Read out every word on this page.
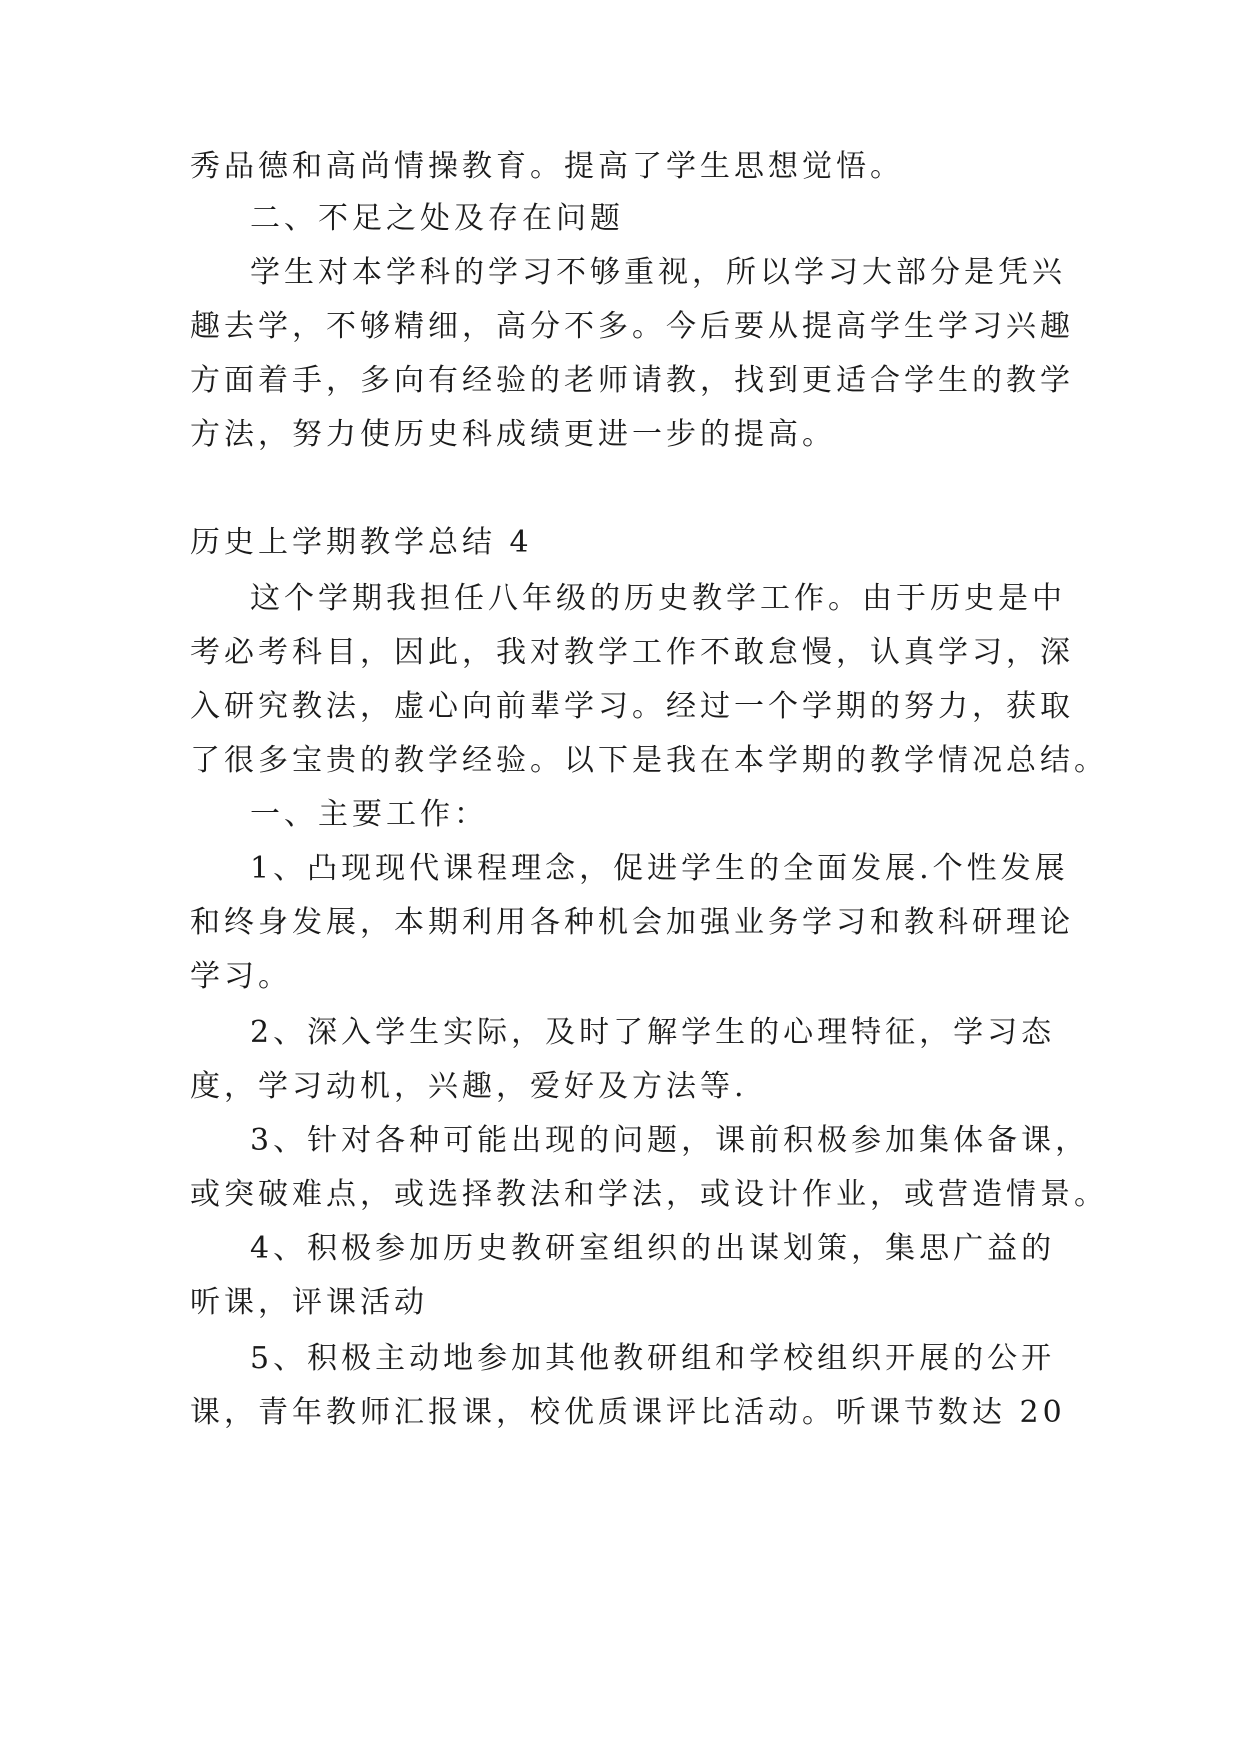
秀品德和高尚情操教育。提高了学生思想觉悟。
二、不足之处及存在问题
学生对本学科的学习不够重视，所以学习大部分是凭兴
趣去学，不够精细，高分不多。今后要从提高学生学习兴趣
方面着手，多向有经验的老师请教，找到更适合学生的教学
方法，努力使历史科成绩更进一步的提高。
历史上学期教学总结 4
这个学期我担任八年级的历史教学工作。由于历史是中
考必考科目，因此，我对教学工作不敢怠慢，认真学习，深
入研究教法，虚心向前辈学习。经过一个学期的努力，获取
了很多宝贵的教学经验。以下是我在本学期的教学情况总结。
一、主要工作：
1、凸现现代课程理念，促进学生的全面发展.个性发展
和终身发展，本期利用各种机会加强业务学习和教科研理论
学习。
2、深入学生实际，及时了解学生的心理特征，学习态
度，学习动机，兴趣，爱好及方法等.
3、针对各种可能出现的问题，课前积极参加集体备课，
或突破难点，或选择教法和学法，或设计作业，或营造情景。
4、积极参加历史教研室组织的出谋划策，集思广益的
听课，评课活动
5、积极主动地参加其他教研组和学校组织开展的公开
课，青年教师汇报课，校优质课评比活动。听课节数达 20
